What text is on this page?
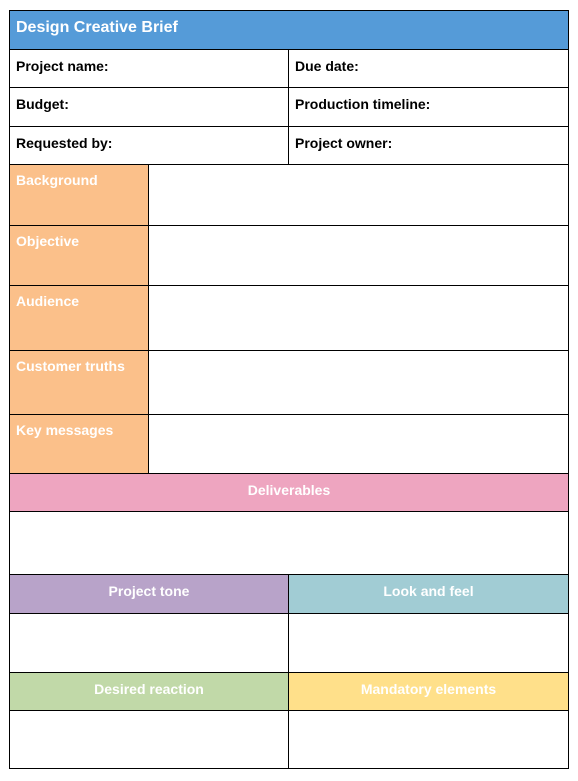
Design Creative Brief
Project name:	Due date:
Budget:	Production timeline:
Requested by:	Project owner:
Background
Objective
Audience
Customer truths
Key messages
Deliverables
Project tone	Look and feel
Desired reaction	Mandatory elements
